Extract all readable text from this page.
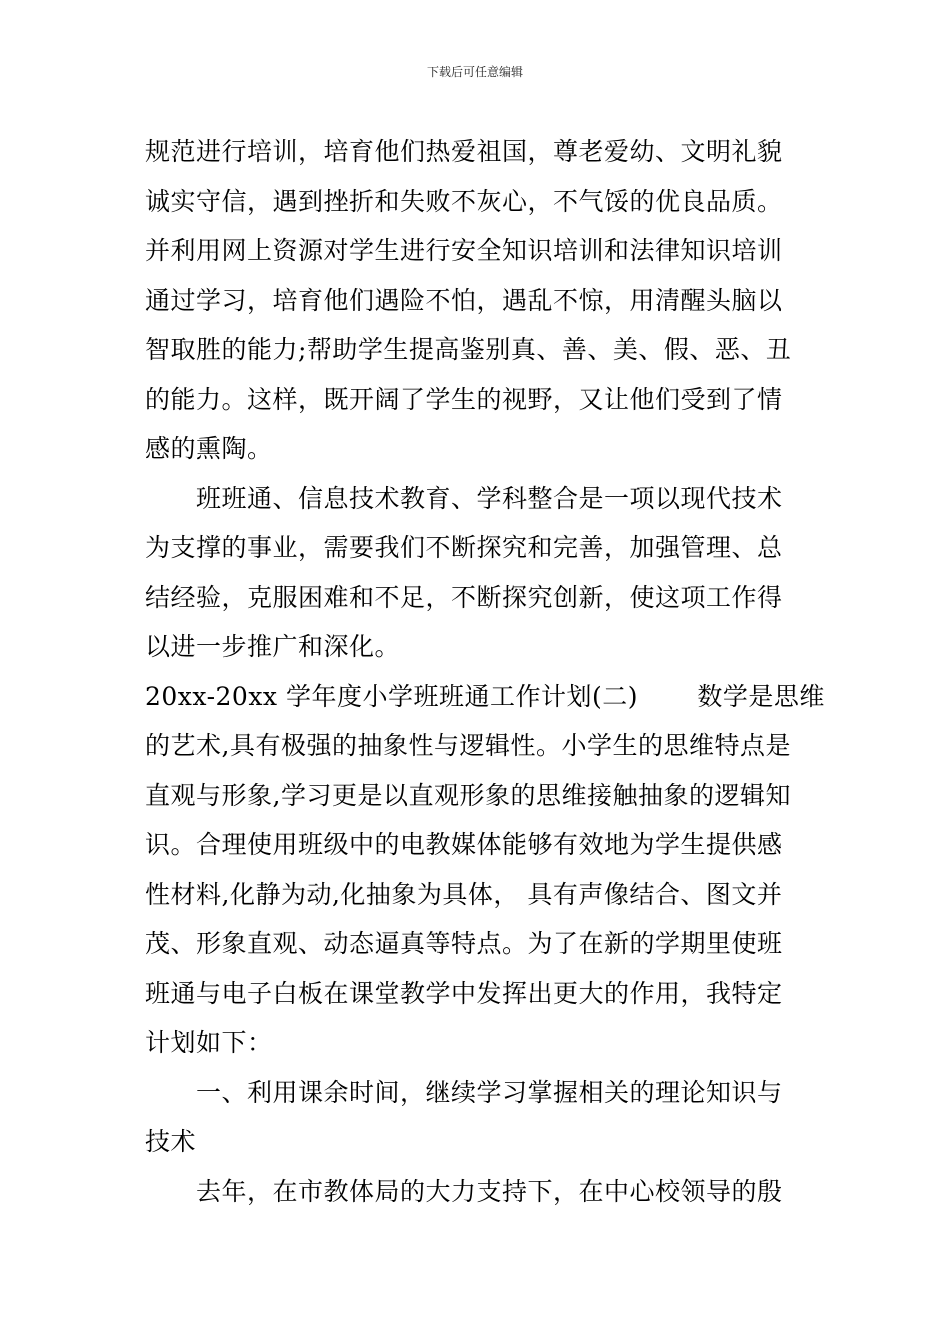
下载后可任意编辑
规范进行培训，培育他们热爱祖国，尊老爱幼、文明礼貌
诚实守信，遇到挫折和失败不灰心，不气馁的优良品质。
并利用网上资源对学生进行安全知识培训和法律知识培训
通过学习，培育他们遇险不怕，遇乱不惊，用清醒头脑以
智取胜的能力;帮助学生提高鉴别真、善、美、假、恶、丑
的能力。这样，既开阔了学生的视野，又让他们受到了情
感的熏陶。
　　班班通、信息技术教育、学科整合是一项以现代技术
为支撑的事业，需要我们不断探究和完善，加强管理、总
结经验，克服困难和不足，不断探究创新，使这项工作得
以进一步推广和深化。
20xx-20xx 学年度小学班班通工作计划(二)　　 数学是思维
的艺术,具有极强的抽象性与逻辑性。小学生的思维特点是
直观与形象,学习更是以直观形象的思维接触抽象的逻辑知
识。合理使用班级中的电教媒体能够有效地为学生提供感
性材料,化静为动,化抽象为具体， 具有声像结合、图文并
茂、形象直观、动态逼真等特点。为了在新的学期里使班
班通与电子白板在课堂教学中发挥出更大的作用，我特定
计划如下：
　　一、利用课余时间，继续学习掌握相关的理论知识与
技术
　　去年，在市教体局的大力支持下，在中心校领导的殷
